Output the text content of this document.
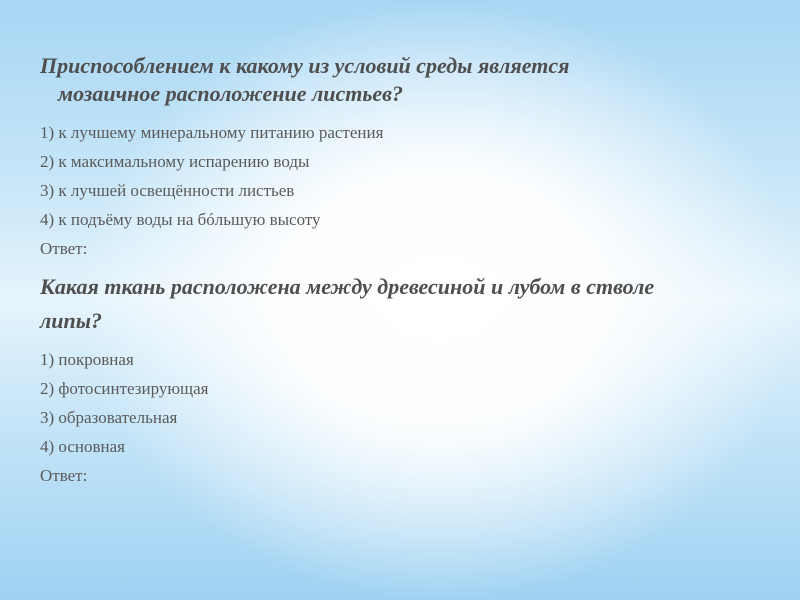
Приспособлением к какому из условий среды является
мозаичное расположение листьев?

1) к лучшему минеральному питанию растения
2) к максимальному испарению воды
3) к лучшей освещённости листьев
4) к подъёму воды на бóльшую высоту
Ответ:

Какая ткань расположена между древесиной и лубом в стволе липы?

1) покровная
2) фотосинтезирующая
3) образовательная
4) основная
Ответ:
